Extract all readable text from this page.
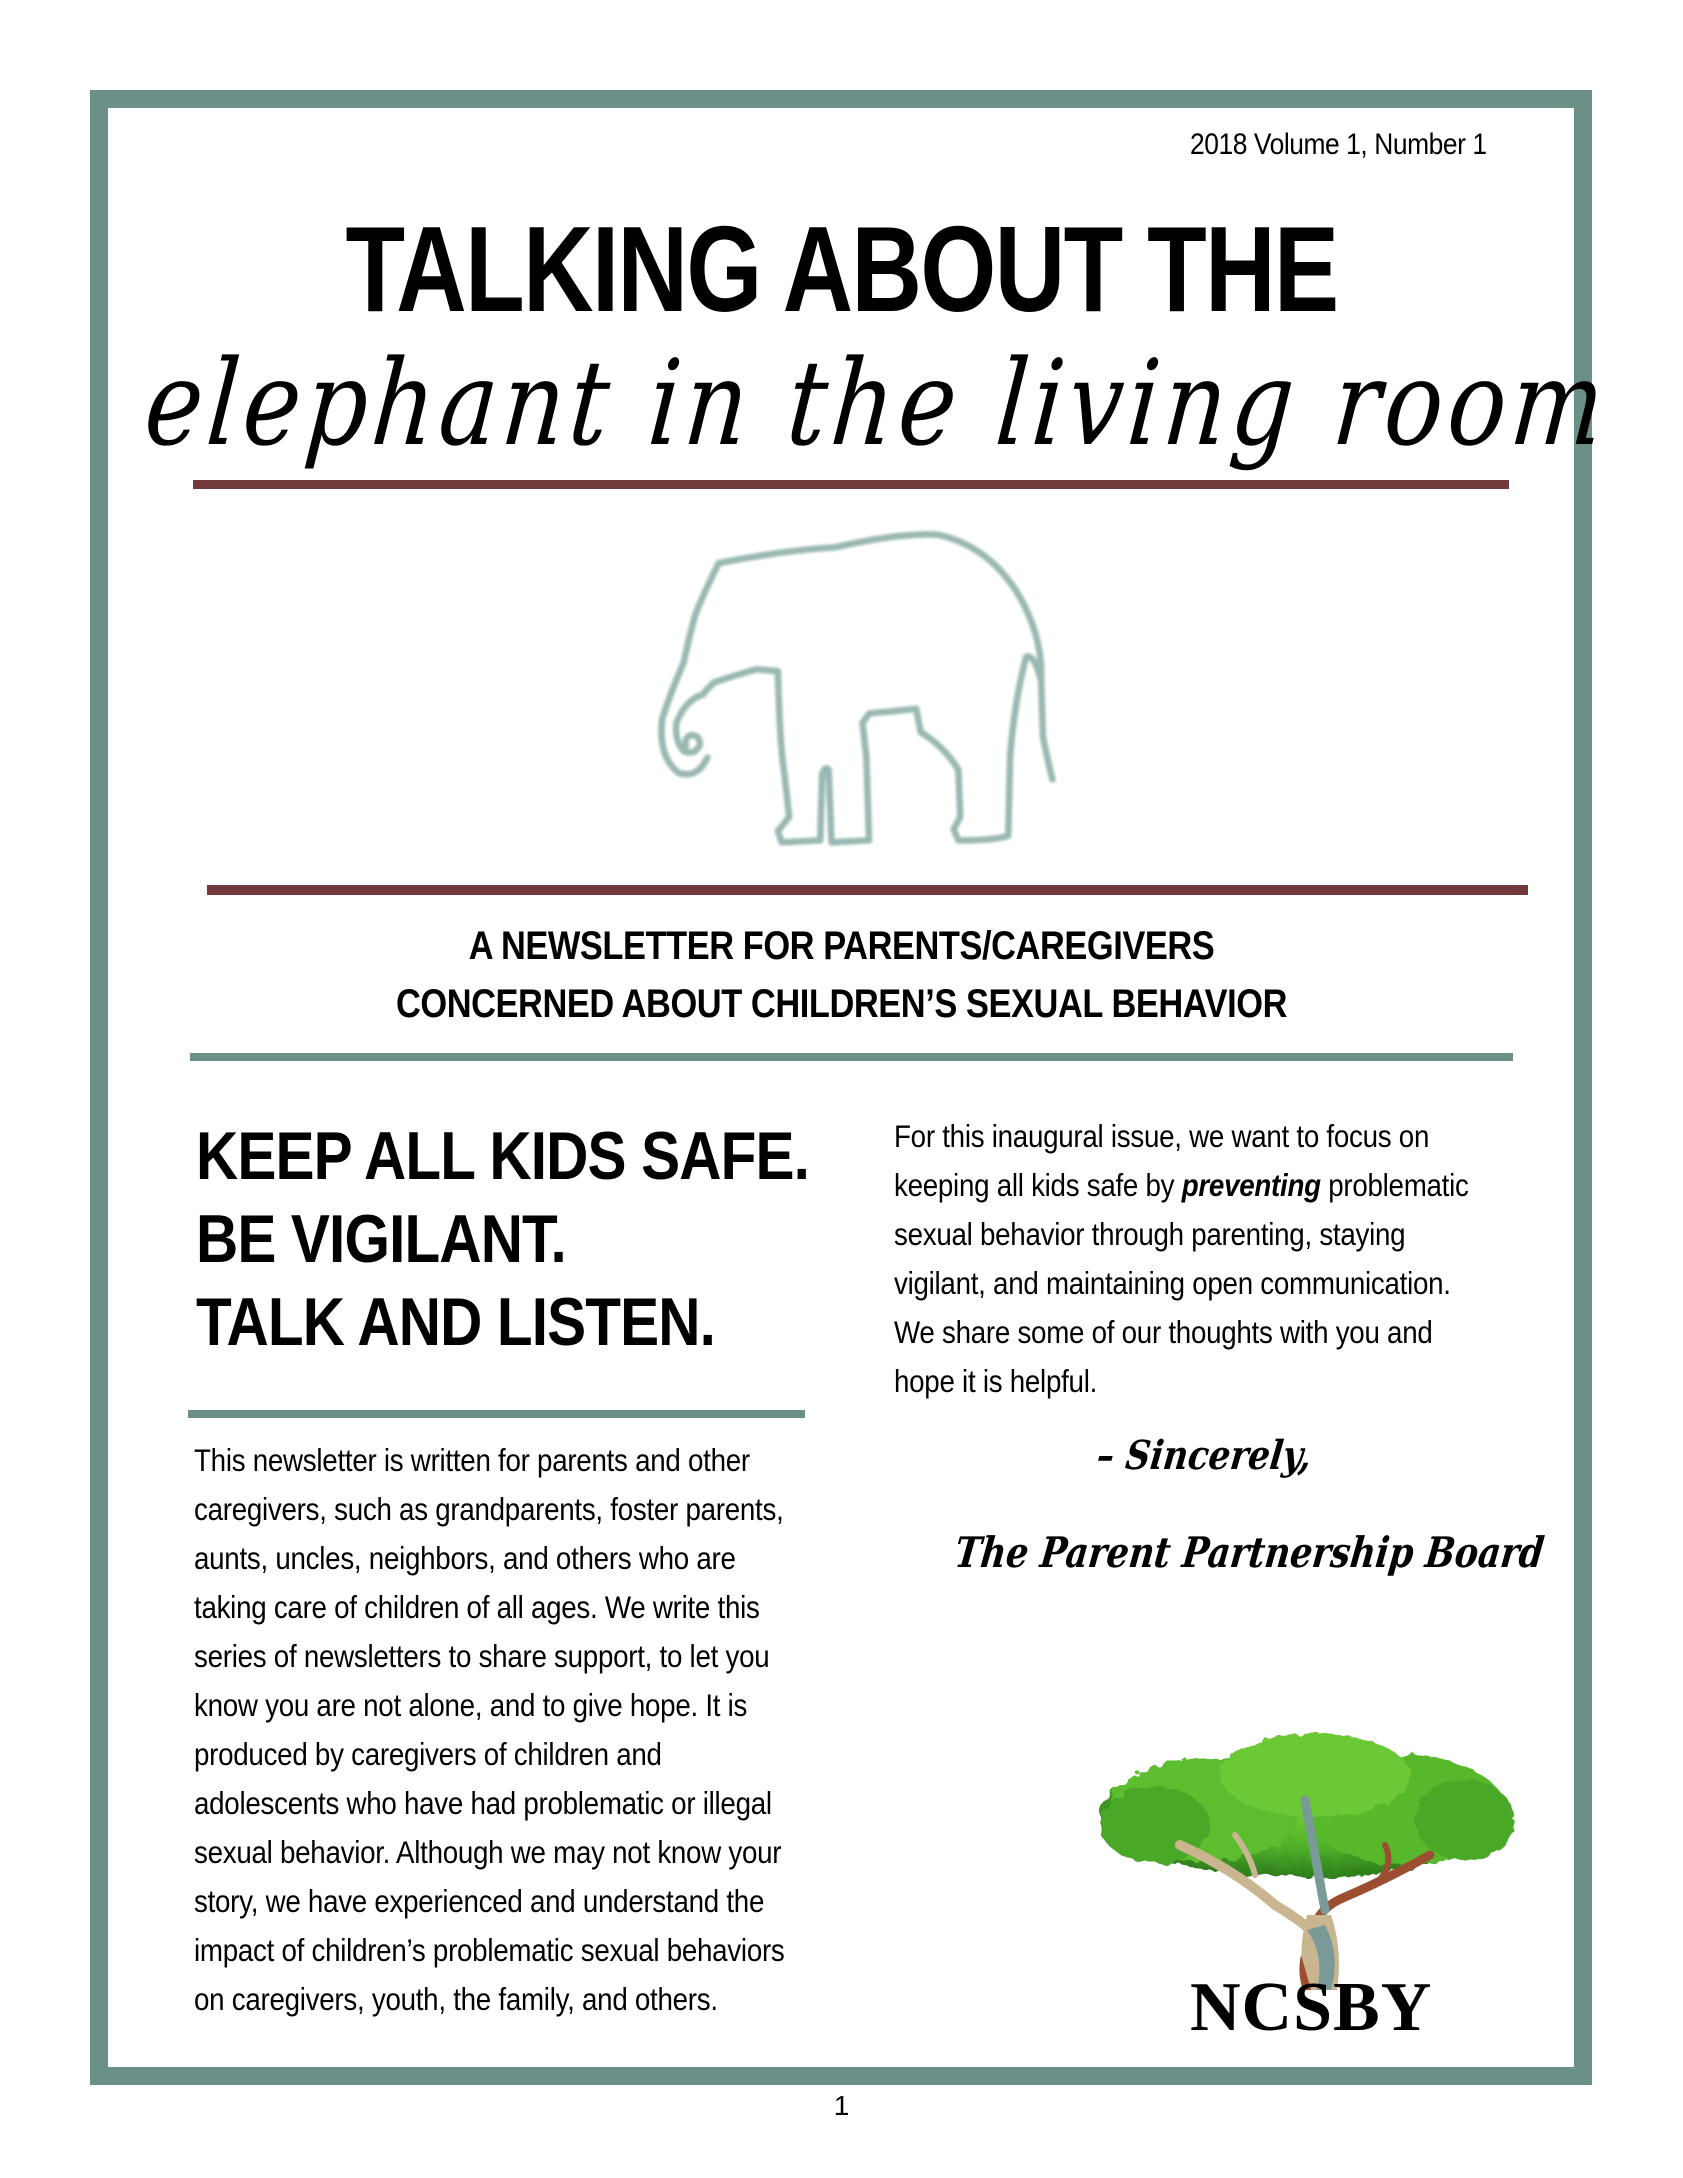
2018 Volume 1, Number 1
TALKING ABOUT THE
elephant in the living room
A NEWSLETTER FOR PARENTS/CAREGIVERS
CONCERNED ABOUT CHILDREN’S SEXUAL BEHAVIOR
KEEP ALL KIDS SAFE.
BE VIGILANT.
TALK AND LISTEN.
For this inaugural issue, we want to focus on
keeping all kids safe by preventing problematic
sexual behavior through parenting, staying
vigilant, and maintaining open communication.
We share some of our thoughts with you and
hope it is helpful.
– Sincerely,
The Parent Partnership Board
This newsletter is written for parents and other
caregivers, such as grandparents, foster parents,
aunts, uncles, neighbors, and others who are
taking care of children of all ages. We write this
series of newsletters to share support, to let you
know you are not alone, and to give hope. It is
produced by caregivers of children and
adolescents who have had problematic or illegal
sexual behavior. Although we may not know your
story, we have experienced and understand the
impact of children’s problematic sexual behaviors
on caregivers, youth, the family, and others.	NCSBY
1
